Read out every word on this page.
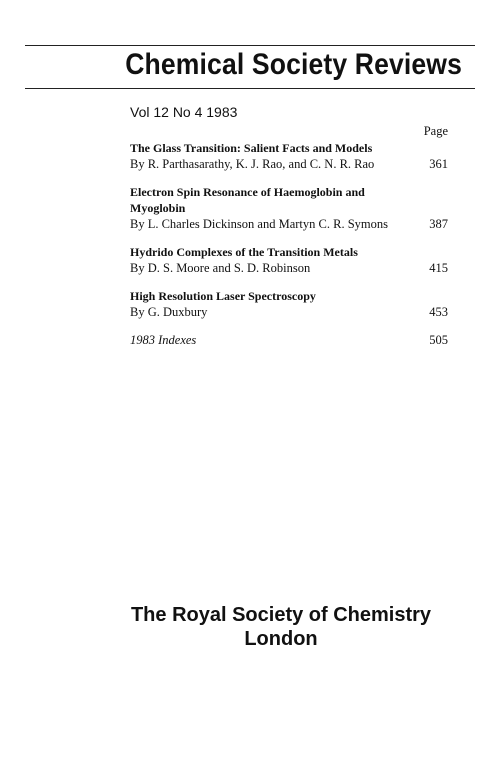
Chemical Society Reviews
Vol 12 No 4 1983
Page
The Glass Transition: Salient Facts and Models
By R. Parthasarathy, K. J. Rao, and C. N. R. Rao	361
Electron Spin Resonance of Haemoglobin and
Myoglobin
By L. Charles Dickinson and Martyn C. R. Symons	387
Hydrido Complexes of the Transition Metals
By D. S. Moore and S. D. Robinson	415
High Resolution Laser Spectroscopy
By G. Duxbury	453
1983 Indexes	505
The Royal Society of Chemistry
London
